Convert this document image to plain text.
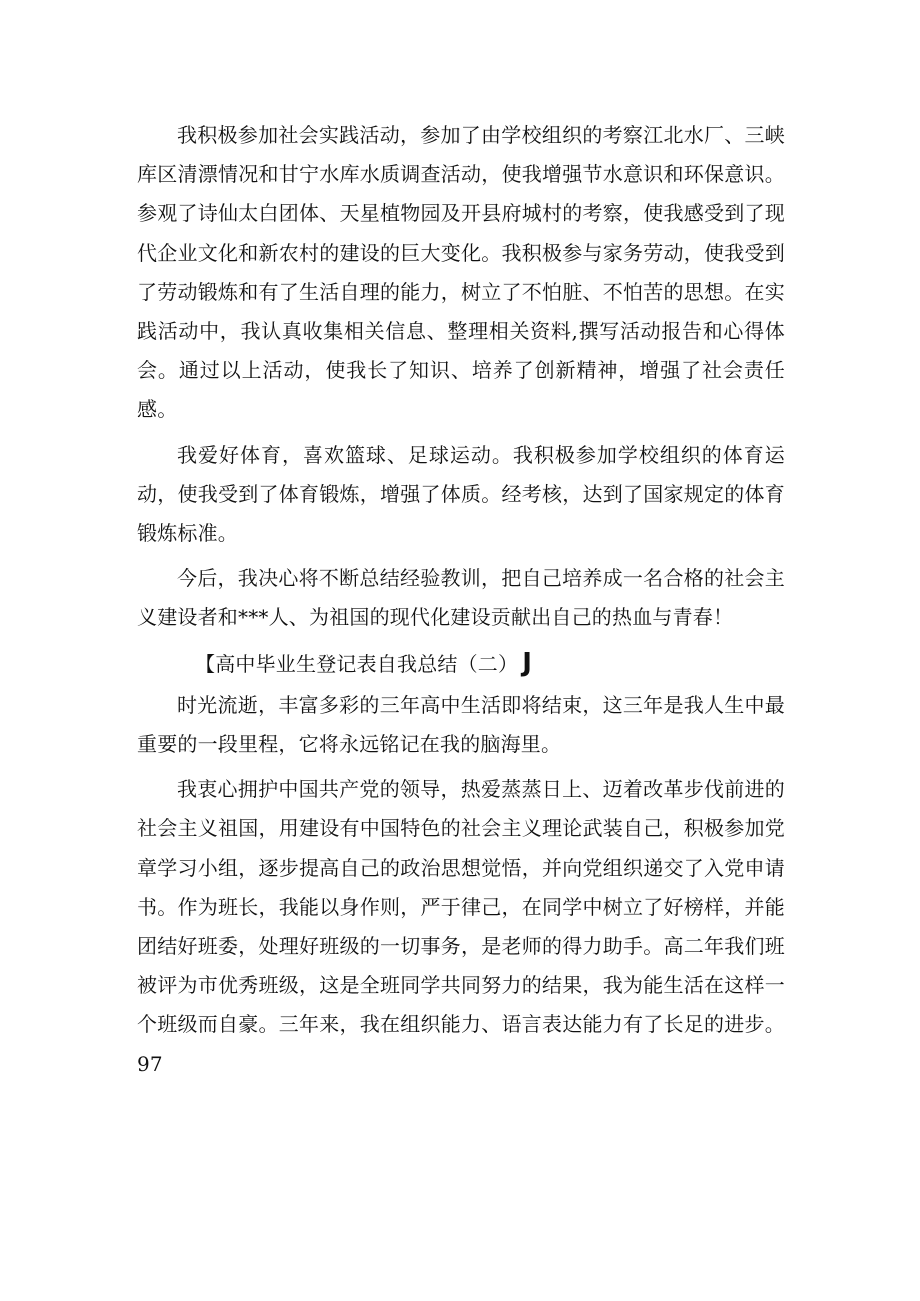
我积极参加社会实践活动，参加了由学校组织的考察江北水厂、三峡库区清漂情况和甘宁水库水质调查活动，使我增强节水意识和环保意识。参观了诗仙太白团体、天星植物园及开县府城村的考察，使我感受到了现代企业文化和新农村的建设的巨大变化。我积极参与家务劳动，使我受到了劳动锻炼和有了生活自理的能力，树立了不怕脏、不怕苦的思想。在实践活动中，我认真收集相关信息、整理相关资料,撰写活动报告和心得体会。通过以上活动，使我长了知识、培养了创新精神，增强了社会责任感。

我爱好体育，喜欢篮球、足球运动。我积极参加学校组织的体育运动，使我受到了体育锻炼，增强了体质。经考核，达到了国家规定的体育锻炼标准。

今后，我决心将不断总结经验教训，把自己培养成一名合格的社会主义建设者和***人、为祖国的现代化建设贡献出自己的热血与青春！

【高中毕业生登记表自我总结（二） J

时光流逝，丰富多彩的三年高中生活即将结束，这三年是我人生中最重要的一段里程，它将永远铭记在我的脑海里。

我衷心拥护中国共产党的领导，热爱蒸蒸日上、迈着改革步伐前进的社会主义祖国，用建设有中国特色的社会主义理论武装自己，积极参加党章学习小组，逐步提高自己的政治思想觉悟，并向党组织递交了入党申请书。作为班长，我能以身作则，严于律己，在同学中树立了好榜样，并能团结好班委，处理好班级的一切事务，是老师的得力助手。高二年我们班被评为市优秀班级，这是全班同学共同努力的结果，我为能生活在这样一个班级而自豪。三年来，我在组织能力、语言表达能力有了长足的进步。97
